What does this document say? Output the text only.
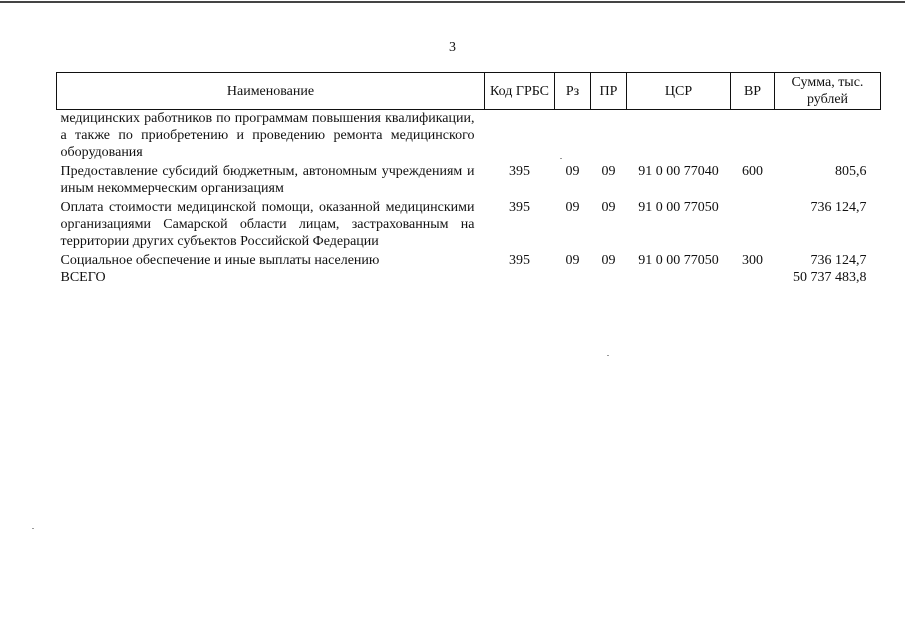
3
Наименование	Код ГРБС	Рз	ПР	ЦСР	ВР	Сумма, тыс. рублей
медицинских работников по программам повышения квалификации, а также по приобретению и проведению ремонта медицинского оборудования						
Предоставление субсидий бюджетным, автономным учреждениям и иным некоммерческим организациям	395	09	09	91 0 00 77040	600	805,6
Оплата стоимости медицинской помощи, оказанной медицинскими организациями Самарской области лицам, застрахованным на территории других субъектов Российской Федерации	395	09	09	91 0 00 77050		736 124,7
Социальное обеспечение и иные выплаты населению	395	09	09	91 0 00 77050	300	736 124,7
ВСЕГО						50 737 483,8
